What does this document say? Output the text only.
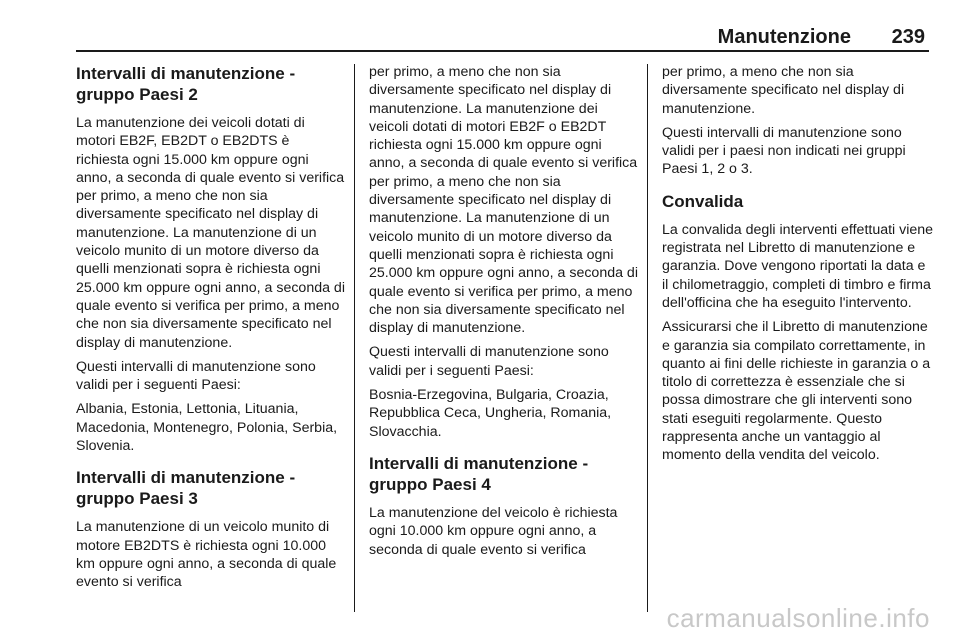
Manutenzione 239
Intervalli di manutenzione - gruppo Paesi 2

La manutenzione dei veicoli dotati di motori EB2F, EB2DT o EB2DTS è richiesta ogni 15.000 km oppure ogni anno, a seconda di quale evento si verifica per primo, a meno che non sia diversamente specificato nel display di manutenzione. La manutenzione di un veicolo munito di un motore diverso da quelli menzionati sopra è richiesta ogni 25.000 km oppure ogni anno, a seconda di quale evento si verifica per primo, a meno che non sia diversamente specificato nel display di manutenzione.

Questi intervalli di manutenzione sono validi per i seguenti Paesi:

Albania, Estonia, Lettonia, Lituania, Macedonia, Montenegro, Polonia, Serbia, Slovenia.

Intervalli di manutenzione - gruppo Paesi 3

La manutenzione di un veicolo munito di motore EB2DTS è richiesta ogni 10.000 km oppure ogni anno, a seconda di quale evento si verifica

per primo, a meno che non sia diversamente specificato nel display di manutenzione. La manutenzione dei veicoli dotati di motori EB2F o EB2DT richiesta ogni 15.000 km oppure ogni anno, a seconda di quale evento si verifica per primo, a meno che non sia diversamente specificato nel display di manutenzione. La manutenzione di un veicolo munito di un motore diverso da quelli menzionati sopra è richiesta ogni 25.000 km oppure ogni anno, a seconda di quale evento si verifica per primo, a meno che non sia diversamente specificato nel display di manutenzione.

Questi intervalli di manutenzione sono validi per i seguenti Paesi:

Bosnia-Erzegovina, Bulgaria, Croazia, Repubblica Ceca, Ungheria, Romania, Slovacchia.

Intervalli di manutenzione - gruppo Paesi 4

La manutenzione del veicolo è richiesta ogni 10.000 km oppure ogni anno, a seconda di quale evento si verifica

per primo, a meno che non sia diversamente specificato nel display di manutenzione.

Questi intervalli di manutenzione sono validi per i paesi non indicati nei gruppi Paesi 1, 2 o 3.

Convalida

La convalida degli interventi effettuati viene registrata nel Libretto di manutenzione e garanzia. Dove vengono riportati la data e il chilometraggio, completi di timbro e firma dell'officina che ha eseguito l'intervento.

Assicurarsi che il Libretto di manutenzione e garanzia sia compilato correttamente, in quanto ai fini delle richieste in garanzia o a titolo di correttezza è essenziale che si possa dimostrare che gli interventi sono stati eseguiti regolarmente. Questo rappresenta anche un vantaggio al momento della vendita del veicolo.

carmanualsonline.info
